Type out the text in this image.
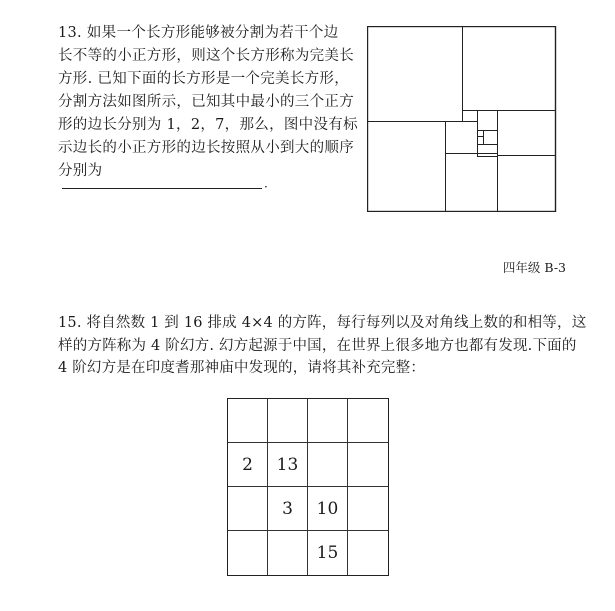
13. 如果一个长方形能够被分割为若干个边
长不等的小正方形，则这个长方形称为完美长
方形. 已知下面的长方形是一个完美长方形，
分割方法如图所示，已知其中最小的三个正方
形的边长分别为 1，2，7，那么，图中没有标
示边长的小正方形的边长按照从小到大的顺序
分别为
·
四年级 B-3
15. 将自然数 1 到 16 排成 4×4 的方阵，每行每列以及对角线上数的和相等，这
样的方阵称为 4 阶幻方. 幻方起源于中国，在世界上很多地方也都有发现.下面的
4 阶幻方是在印度耆那神庙中发现的，请将其补充完整：
2	13
3	10
15
